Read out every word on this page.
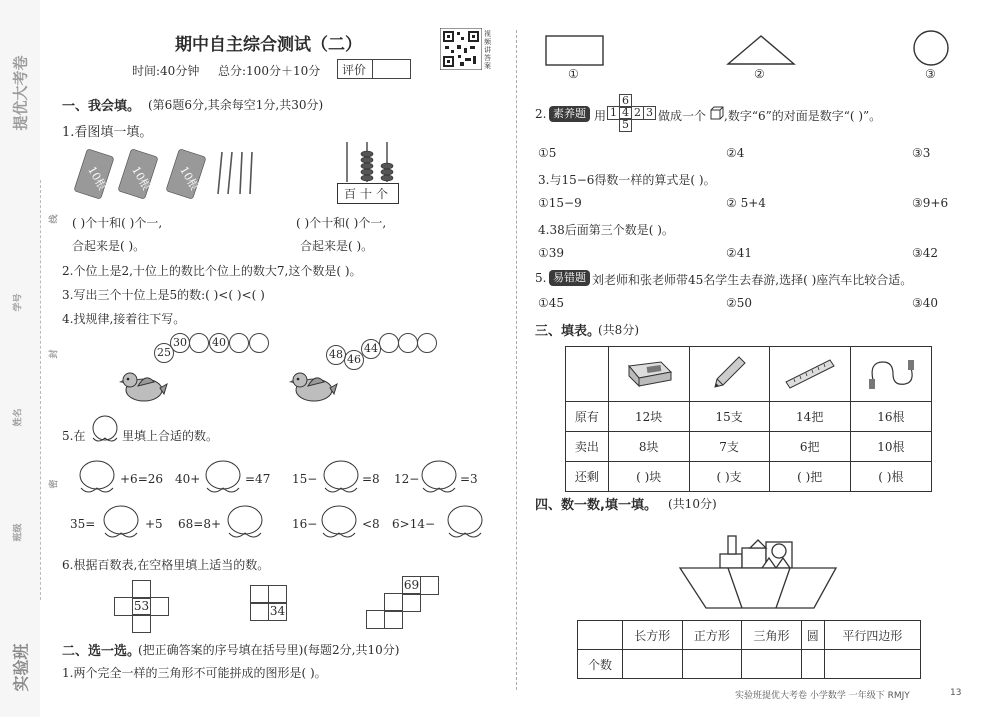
提优大考卷
实验班
学号
姓名
班级
线
封
密
期中自主综合测试（二）
时间:40分钟 总分:100分＋10分 评价
视频讲答案
一、我会填。 (第6题6分,其余每空1分,共30分)
1.看图填一填。
10根 10根 10根
百十个
( )个十和( )个一,
合起来是( )。
( )个十和( )个一,
合起来是( )。
2.个位上是2,十位上的数比个位上的数大7,这个数是( )。
3.写出三个十位上是5的数:( )<( )<( )
4.找规律,接着往下写。
25
30 40
48 46
44
5.在	里填上合适的数。
+6=26 40+	=47 15−	=8 12−	=3
35=	+5 68=8+	16−	<8 6>14−
6.根据百数表,在空格里填上适当的数。
53	34
69
二、选一选。
(把正确答案的序号填在括号里)(每题2分,共10分)
1.两个完全一样的三角形不可能拼成的图形是( )。
①	②	③
2. 素养题 用
6
1 4 2 3
5
做成一个 ,数字“6”的对面是数字“( )”。
①5	②4	③3
3.与15−6得数一样的算式是( )。
①15−9	② 5+4	③9+6
4.38后面第三个数是( )。
①39	②41	③42
5. 易错题 刘老师和张老师带45名学生去春游,选择( )座汽车比较合适。
①45	②50	③40
三、填表。
(共8分)

原有	12块	15支	14把	16根
卖出	8块	7支	6把	10根
还剩	( )块	( )支	( )把	( )根
四、数一数,填一填。 (共10分)
	长方形	正方形	三角形	圆	平行四边形
个数					
实验班提优大考卷 小学数学 一年级下 RMJY	13
